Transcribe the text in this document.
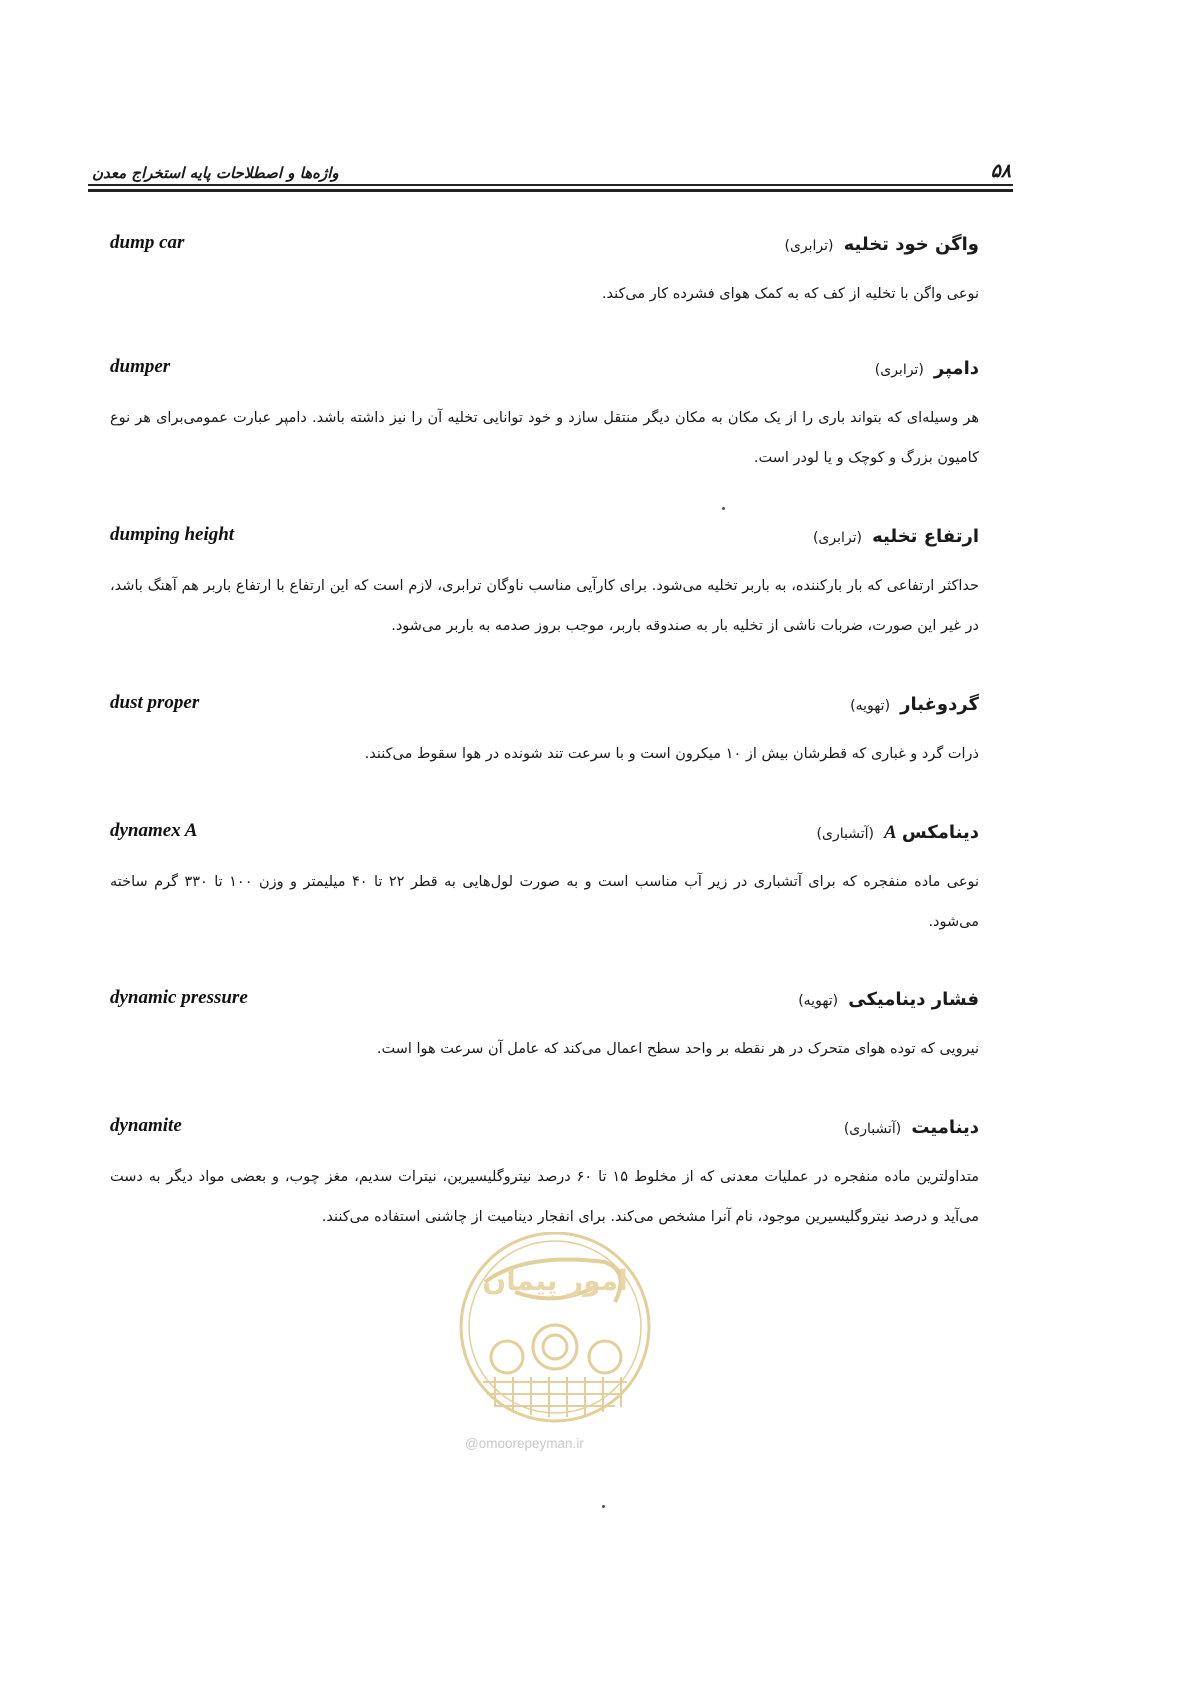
۵۸
واژه‌ها و اصطلاحات پایه استخراج معدن
dump car	واگن خود تخلیه (ترابری)
نوعی واگن با تخلیه از کف که به کمک هوای فشرده کار می‌کند.
dumper	دامپر (ترابری)
هر وسیله‌ای که بتواند باری را از یک مکان به مکان دیگر منتقل سازد و خود توانایی تخلیه آن را نیز داشته باشد. دامپر عبارت عمومی‌برای هر نوع کامیون بزرگ و کوچک و یا لودر است.
dumping height	ارتفاع تخلیه (ترابری)
حداکثر ارتفاعی که بار بارکننده، به باربر تخلیه می‌شود. برای کارآیی مناسب ناوگان ترابری، لازم است که این ارتفاع با ارتفاع باربر هم آهنگ باشد، در غیر این صورت، ضربات ناشی از تخلیه بار به صندوقه باربر، موجب بروز صدمه به باربر می‌شود.
dust proper	گردوغبار (تهویه)
ذرات گرد و غباری که قطرشان بیش از ۱۰ میکرون است و با سرعت تند شونده در هوا سقوط می‌کنند.
dynamex A	دینامکس A (آتشباری)
نوعی ماده منفجره که برای آتشباری در زیر آب مناسب است و به صورت لول‌هایی به قطر ۲۲ تا ۴۰ میلیمتر و وزن ۱۰۰ تا ۳۳۰ گرم ساخته می‌شود.
dynamic pressure	فشار دینامیکی (تهویه)
نیرویی که توده هوای متحرک در هر نقطه بر واحد سطح اعمال می‌کند که عامل آن سرعت هوا است.
dynamite	دینامیت (آتشباری)
متداولترین ماده منفجره در عملیات معدنی که از مخلوط ۱۵ تا ۶۰ درصد نیتروگلیسیرین، نیترات سدیم، مغز چوب، و بعضی مواد دیگر به دست می‌آید و درصد نیتروگلیسیرین موجود، نام آنرا مشخص می‌کند. برای انفجار دینامیت از چاشنی استفاده می‌کنند.
امور پیمان
@omoorepeyman.ir
